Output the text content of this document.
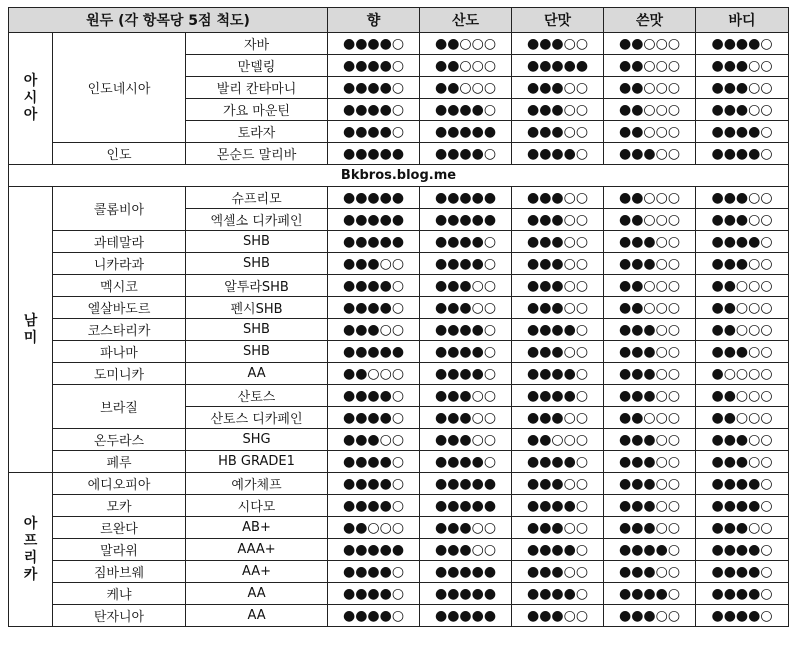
원두 (각 항목당 5점 척도)			향	산도	단맛	쓴맛	바디
아
시
아	인도네시아	자바	●●●●○	●●○○○	●●●○○	●●○○○	●●●●○
		만델링	●●●●○	●●○○○	●●●●●	●●○○○	●●●○○
		발리 칸타마니	●●●●○	●●○○○	●●●○○	●●○○○	●●●○○
		가요 마운틴	●●●●○	●●●●○	●●●○○	●●○○○	●●●○○
		토라자	●●●●○	●●●●●	●●●○○	●●○○○	●●●●○
	인도	몬순드 말리바	●●●●●	●●●●○	●●●●○	●●●○○	●●●●○
Bkbros.blog.me							
남
미	콜롬비아	슈프리모	●●●●●	●●●●●	●●●○○	●●○○○	●●●○○
		엑셀소 디카페인	●●●●●	●●●●●	●●●○○	●●○○○	●●●○○
	과테말라	SHB	●●●●●	●●●●○	●●●○○	●●●○○	●●●●○
	니카라과	SHB	●●●○○	●●●●○	●●●○○	●●●○○	●●●○○
	멕시코	알투라SHB	●●●●○	●●●○○	●●●○○	●●○○○	●●○○○
	엘살바도르	펜시SHB	●●●●○	●●●○○	●●●○○	●●○○○	●●○○○
	코스타리카	SHB	●●●○○	●●●●○	●●●●○	●●●○○	●●○○○
	파나마	SHB	●●●●●	●●●●○	●●●○○	●●●○○	●●●○○
	도미니카	AA	●●○○○	●●●●○	●●●●○	●●●○○	●○○○○
	브라질	산토스	●●●●○	●●●○○	●●●●○	●●●○○	●●○○○
		산토스 디카페인	●●●●○	●●●○○	●●●○○	●●○○○	●●○○○
	온두라스	SHG	●●●○○	●●●○○	●●○○○	●●●○○	●●●○○
	페루	HB GRADE1	●●●●○	●●●●○	●●●●○	●●●○○	●●●○○
아
프
리
카	에디오피아	예가체프	●●●●○	●●●●●	●●●○○	●●●○○	●●●●○
	모카	시다모	●●●●○	●●●●●	●●●●○	●●●○○	●●●●○
	르완다	AB+	●●○○○	●●●○○	●●●○○	●●●○○	●●●○○
	말라위	AAA+	●●●●●	●●●○○	●●●●○	●●●●○	●●●●○
	짐바브웨	AA+	●●●●○	●●●●●	●●●○○	●●●○○	●●●●○
	케냐	AA	●●●●○	●●●●●	●●●●○	●●●●○	●●●●○
	탄자니아	AA	●●●●○	●●●●●	●●●○○	●●●○○	●●●●○
